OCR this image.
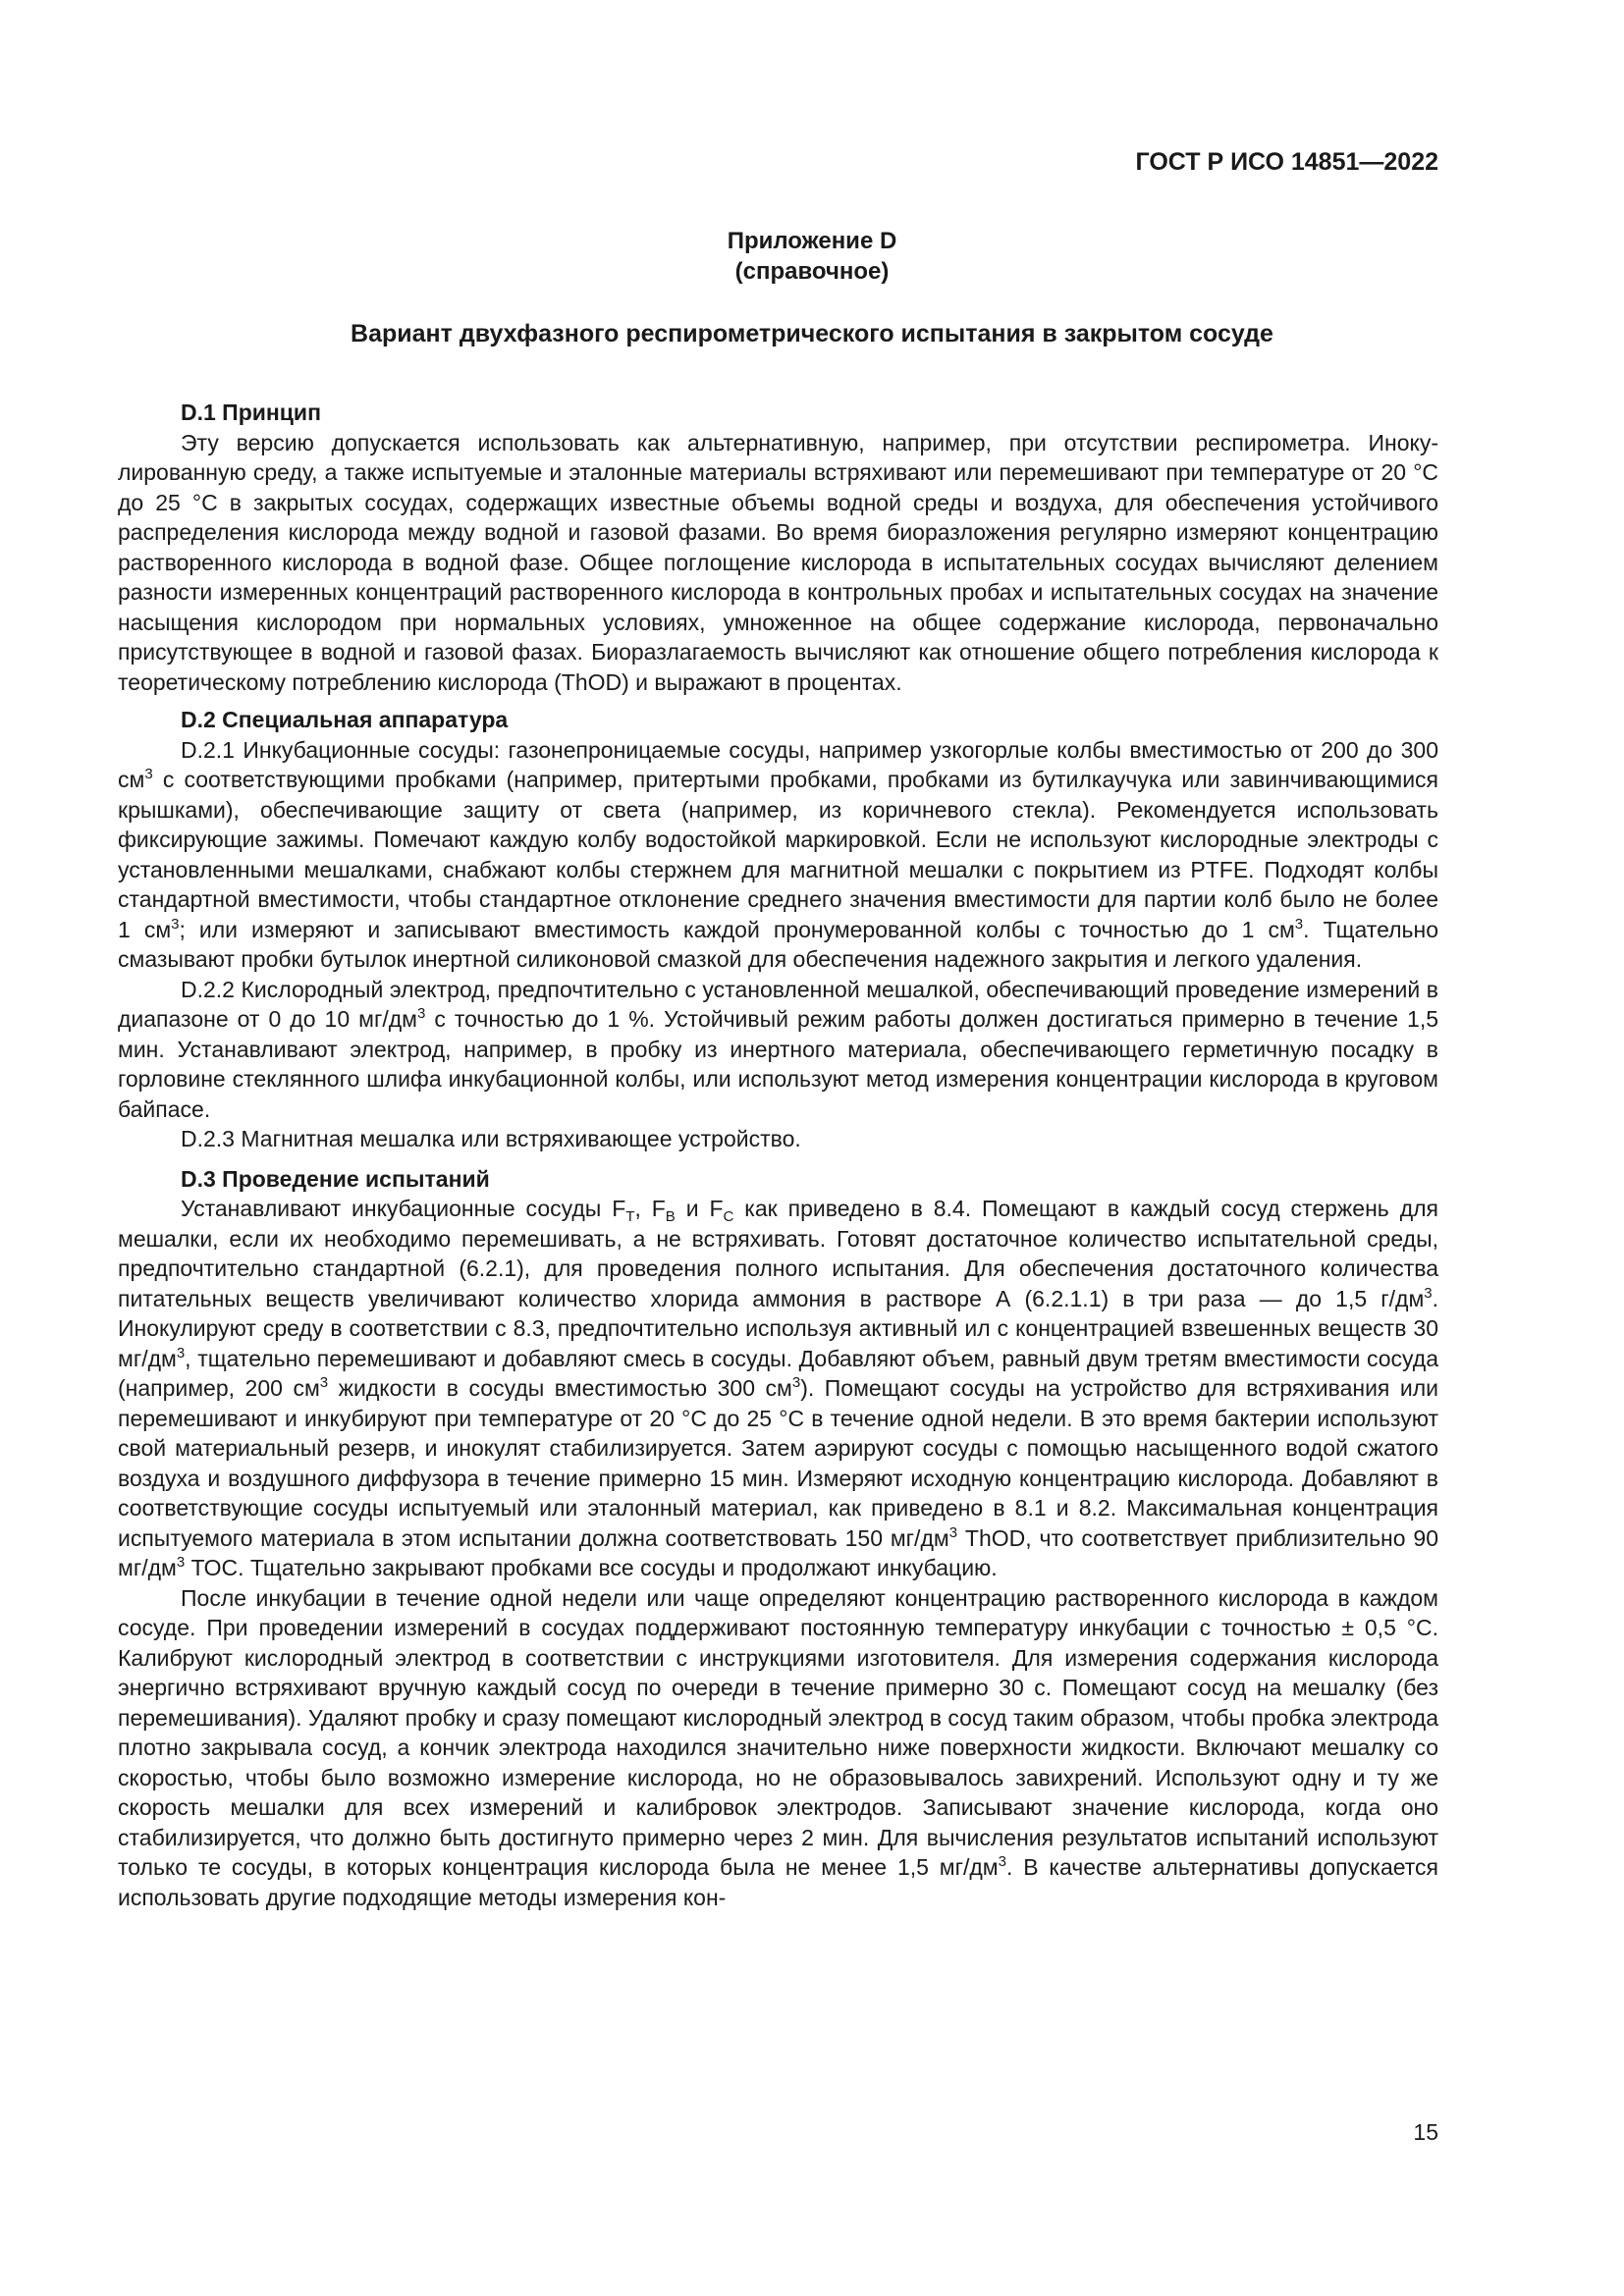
ГОСТ Р ИСО 14851—2022
Приложение D
(справочное)
Вариант двухфазного респирометрического испытания в закрытом сосуде

D.1 Принцип

Эту версию допускается использовать как альтернативную, например, при отсутствии респирометра. Инокулированную среду, а также испытуемые и эталонные материалы встряхивают или перемешивают при температуре от 20 °С до 25 °С в закрытых сосудах, содержащих известные объемы водной среды и воздуха, для обеспечения устойчивого распределения кислорода между водной и газовой фазами. Во время биоразложения регулярно измеряют концентрацию растворенного кислорода в водной фазе. Общее поглощение кислорода в испытательных сосудах вычисляют делением разности измеренных концентраций растворенного кислорода в контрольных пробах и испытательных сосудах на значение насыщения кислородом при нормальных условиях, умноженное на общее содержание кислорода, первоначально присутствующее в водной и газовой фазах. Биоразлагаемость вычисляют как отношение общего потребления кислорода к теоретическому потреблению кислорода (ThOD) и выражают в процентах.

D.2 Специальная аппаратура

D.2.1 Инкубационные сосуды: газонепроницаемые сосуды, например узкогорлые колбы вместимостью от 200 до 300 $см^3$ с соответствующими пробками (например, притертыми пробками, пробками из бутилкаучука или завинчивающимися крышками), обеспечивающие защиту от света (например, из коричневого стекла). Рекомендуется использовать фиксирующие зажимы. Помечают каждую колбу водостойкой маркировкой. Если не используют кислородные электроды с установленными мешалками, снабжают колбы стержнем для магнитной мешалки с покрытием из PTFE. Подходят колбы стандартной вместимости, чтобы стандартное отклонение среднего значения вместимости для партии колб было не более 1 $см^3$; или измеряют и записывают вместимость каждой пронумерованной колбы с точностью до 1 $см^3$. Тщательно смазывают пробки бутылок инертной силиконовой смазкой для обеспечения надежного закрытия и легкого удаления.

D.2.2 Кислородный электрод, предпочтительно с установленной мешалкой, обеспечивающий проведение измерений в диапазоне от 0 до 10 $мг/дм^3$ с точностью до 1 %. Устойчивый режим работы должен достигаться примерно в течение 1,5 мин. Устанавливают электрод, например, в пробку из инертного материала, обеспечивающего герметичную посадку в горловине стеклянного шлифа инкубационной колбы, или используют метод измерения концентрации кислорода в круговом байпасе.

D.2.3 Магнитная мешалка или встряхивающее устройство.

D.3 Проведение испытаний

Устанавливают инкубационные сосуды $F_T$, $F_B$ и $F_C$ как приведено в 8.4. Помещают в каждый сосуд стержень для мешалки, если их необходимо перемешивать, а не встряхивать. Готовят достаточное количество испытательной среды, предпочтительно стандартной (6.2.1), для проведения полного испытания. Для обеспечения достаточного количества питательных веществ увеличивают количество хлорида аммония в растворе А (6.2.1.1) в три раза — до 1,5 $г/дм^3$. Инокулируют среду в соответствии с 8.3, предпочтительно используя активный ил с концентрацией взвешенных веществ 30 $мг/дм^3$, тщательно перемешивают и добавляют смесь в сосуды. Добавляют объем, равный двум третям вместимости сосуда (например, 200 $см^3$ жидкости в сосуды вместимостью 300 $см^3$). Помещают сосуды на устройство для встряхивания или перемешивают и инкубируют при температуре от 20 °С до 25 °С в течение одной недели. В это время бактерии используют свой материальный резерв, и инокулят стабилизируется. Затем аэрируют сосуды с помощью насыщенного водой сжатого воздуха и воздушного диффузора в течение примерно 15 мин. Измеряют исходную концентрацию кислорода. Добавляют в соответствующие сосуды испытуемый или эталонный материал, как приведено в 8.1 и 8.2. Максимальная концентрация испытуемого материала в этом испытании должна соответствовать 150 $мг/дм^3$ ThOD, что соответствует приблизительно 90 $мг/дм^3$ ТОС. Тщательно закрывают пробками все сосуды и продолжают инкубацию.

После инкубации в течение одной недели или чаще определяют концентрацию растворенного кислорода в каждом сосуде. При проведении измерений в сосудах поддерживают постоянную температуру инкубации с точностью ± 0,5 °С. Калибруют кислородный электрод в соответствии с инструкциями изготовителя. Для измерения содержания кислорода энергично встряхивают вручную каждый сосуд по очереди в течение примерно 30 с. Помещают сосуд на мешалку (без перемешивания). Удаляют пробку и сразу помещают кислородный электрод в сосуд таким образом, чтобы пробка электрода плотно закрывала сосуд, а кончик электрода находился значительно ниже поверхности жидкости. Включают мешалку со скоростью, чтобы было возможно измерение кислорода, но не образовывалось завихрений. Используют одну и ту же скорость мешалки для всех измерений и калибровок электродов. Записывают значение кислорода, когда оно стабилизируется, что должно быть достигнуто примерно через 2 мин. Для вычисления результатов испытаний используют только те сосуды, в которых концентрация кислорода была не менее 1,5 $мг/дм^3$. В качестве альтернативы допускается использовать другие подходящие методы измерения кон-

15
